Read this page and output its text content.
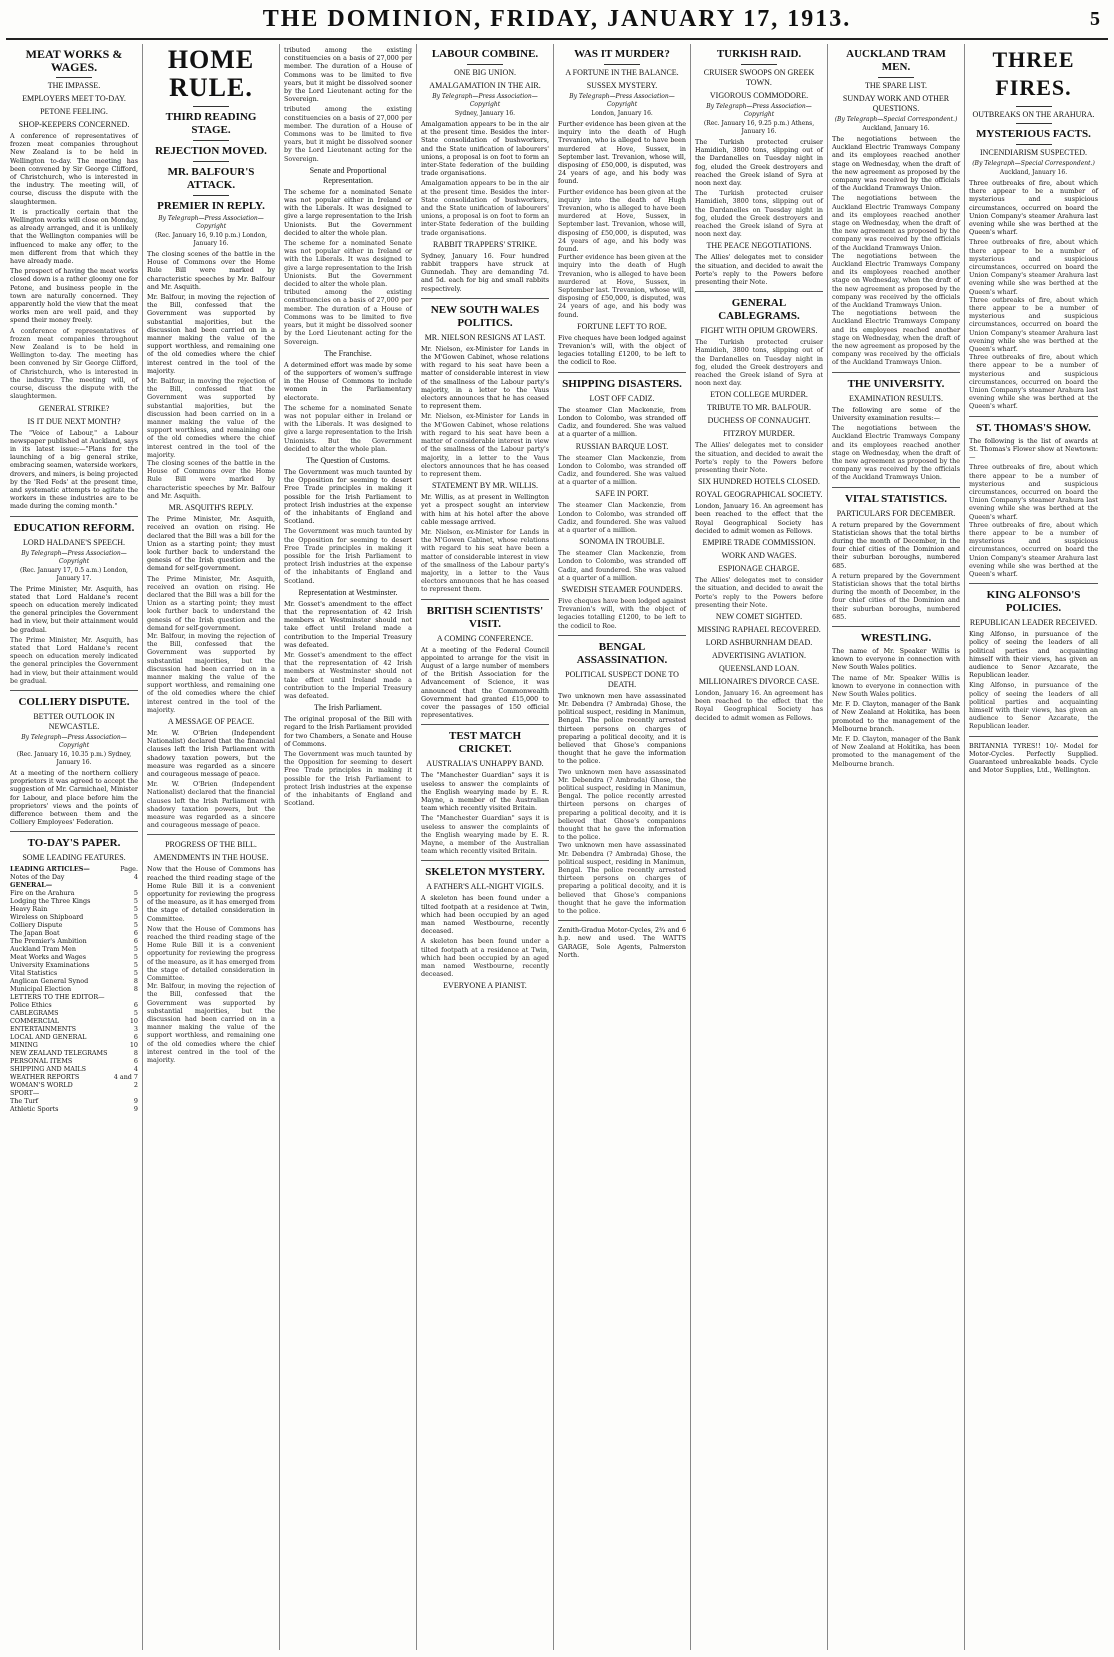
THE DOMINION, FRIDAY, JANUARY 17, 1913.	5
MEAT WORKS & WAGES.
THE IMPASSE.
EMPLOYERS MEET TO-DAY.
PETONE FEELING.
SHOP-KEEPERS CONCERNED.
A conference of representatives of frozen meat companies throughout New Zealand is to be held in Wellington to-day. The meeting has been convened by Sir George Clifford, of Christchurch, who is interested in the industry. The meeting will, of course, discuss the dispute with the slaughtermen.
It is practically certain that the Wellington works will close on Monday, as already arranged, and it is unlikely that the Wellington companies will be influenced to make any offer, to the men different from that which they have already made.
The prospect of having the meat works closed down is a rather gloomy one for Petone, and business people in the town are naturally concerned. They apparently hold the view that the meat works men are well paid, and they spend their money freely.
A conference of representatives of frozen meat companies throughout New Zealand is to be held in Wellington to-day. The meeting has been convened by Sir George Clifford, of Christchurch, who is interested in the industry. The meeting will, of course, discuss the dispute with the slaughtermen.
GENERAL STRIKE?
IS IT DUE NEXT MONTH?
The "Voice of Labour," a Labour newspaper published at Auckland, says in its latest issue:—"Plans for the launching of a big general strike, embracing seamen, waterside workers, drovers, and miners, is being projected by the 'Red Feds' at the present time, and systematic attempts to agitate the workers in these industries are to be made during the coming month."
EDUCATION REFORM.
LORD HALDANE'S SPEECH.
By Telegraph—Press Association—Copyright
(Rec. January 17, 0.5 a.m.) London, January 17.
The Prime Minister, Mr. Asquith, has stated that Lord Haldane's recent speech on education merely indicated the general principles the Government had in view, but their attainment would be gradual.
The Prime Minister, Mr. Asquith, has stated that Lord Haldane's recent speech on education merely indicated the general principles the Government had in view, but their attainment would be gradual.
COLLIERY DISPUTE.
BETTER OUTLOOK IN NEWCASTLE.
By Telegraph—Press Association—Copyright
(Rec. January 16, 10.35 p.m.) Sydney, January 16.
At a meeting of the northern colliery proprietors it was agreed to accept the suggestion of Mr. Carmichael, Minister for Labour, and place before him the proprietors' views and the points of difference between them and the Colliery Employees' Federation.
TO-DAY'S PAPER.
SOME LEADING FEATURES.
LEADING ARTICLES—	Page.
Notes of the Day	4
GENERAL—
Fire on the Arahura	5
Lodging the Three Kings	5
Heavy Rain	5
Wireless on Shipboard	5
Colliery Dispute	5
The Japan Boat	6
The Premier's Ambition	6
Auckland Tram Men	5
Meat Works and Wages	5
University Examinations	5
Vital Statistics	5
Anglican General Synod	8
Municipal Election	8
LETTERS TO THE EDITOR—
Police Ethics	6
CABLEGRAMS	5
COMMERCIAL	10
ENTERTAINMENTS	3
LOCAL AND GENERAL	6
MINING	10
NEW ZEALAND TELEGRAMS	8
PERSONAL ITEMS	6
SHIPPING AND MAILS	4
WEATHER REPORTS	4 and 7
WOMAN'S WORLD	2
SPORT—
The Turf	9
Athletic Sports	9
HOME RULE.
THIRD READING STAGE.
REJECTION MOVED.
MR. BALFOUR'S ATTACK.
PREMIER IN REPLY.
By Telegraph—Press Association—Copyright
(Rec. January 16, 9.10 p.m.) London, January 16.
The closing scenes of the battle in the House of Commons over the Home Rule Bill were marked by characteristic speeches by Mr. Balfour and Mr. Asquith.
Mr. Balfour, in moving the rejection of the Bill, confessed that the Government was supported by substantial majorities, but the discussion had been carried on in a manner making the value of the support worthless, and remaining one of the old comedies where the chief interest centred in the tool of the majority.
Mr. Balfour, in moving the rejection of the Bill, confessed that the Government was supported by substantial majorities, but the discussion had been carried on in a manner making the value of the support worthless, and remaining one of the old comedies where the chief interest centred in the tool of the majority.
The closing scenes of the battle in the House of Commons over the Home Rule Bill were marked by characteristic speeches by Mr. Balfour and Mr. Asquith.
MR. ASQUITH'S REPLY.
The Prime Minister, Mr. Asquith, received an ovation on rising. He declared that the Bill was a bill for the Union as a starting point; they must look further back to understand the genesis of the Irish question and the demand for self-government.
The Prime Minister, Mr. Asquith, received an ovation on rising. He declared that the Bill was a bill for the Union as a starting point; they must look further back to understand the genesis of the Irish question and the demand for self-government.
Mr. Balfour, in moving the rejection of the Bill, confessed that the Government was supported by substantial majorities, but the discussion had been carried on in a manner making the value of the support worthless, and remaining one of the old comedies where the chief interest centred in the tool of the majority.
A MESSAGE OF PEACE.
Mr. W. O'Brien (Independent Nationalist) declared that the financial clauses left the Irish Parliament with shadowy taxation powers, but the measure was regarded as a sincere and courageous message of peace.
Mr. W. O'Brien (Independent Nationalist) declared that the financial clauses left the Irish Parliament with shadowy taxation powers, but the measure was regarded as a sincere and courageous message of peace.
PROGRESS OF THE BILL.
AMENDMENTS IN THE HOUSE.
Now that the House of Commons has reached the third reading stage of the Home Rule Bill it is a convenient opportunity for reviewing the progress of the measure, as it has emerged from the stage of detailed consideration in Committee.
Now that the House of Commons has reached the third reading stage of the Home Rule Bill it is a convenient opportunity for reviewing the progress of the measure, as it has emerged from the stage of detailed consideration in Committee.
Mr. Balfour, in moving the rejection of the Bill, confessed that the Government was supported by substantial majorities, but the discussion had been carried on in a manner making the value of the support worthless, and remaining one of the old comedies where the chief interest centred in the tool of the majority.
tributed among the existing constituencies on a basis of 27,000 per member. The duration of a House of Commons was to be limited to five years, but it might be dissolved sooner by the Lord Lieutenant acting for the Sovereign.
tributed among the existing constituencies on a basis of 27,000 per member. The duration of a House of Commons was to be limited to five years, but it might be dissolved sooner by the Lord Lieutenant acting for the Sovereign.
Senate and Proportional Representation.
The scheme for a nominated Senate was not popular either in Ireland or with the Liberals. It was designed to give a large representation to the Irish Unionists. But the Government decided to alter the whole plan.
The scheme for a nominated Senate was not popular either in Ireland or with the Liberals. It was designed to give a large representation to the Irish Unionists. But the Government decided to alter the whole plan.
tributed among the existing constituencies on a basis of 27,000 per member. The duration of a House of Commons was to be limited to five years, but it might be dissolved sooner by the Lord Lieutenant acting for the Sovereign.
The Franchise.
A determined effort was made by some of the supporters of women's suffrage in the House of Commons to include women in the Parliamentary electorate.
The scheme for a nominated Senate was not popular either in Ireland or with the Liberals. It was designed to give a large representation to the Irish Unionists. But the Government decided to alter the whole plan.
The Question of Customs.
The Government was much taunted by the Opposition for seeming to desert Free Trade principles in making it possible for the Irish Parliament to protect Irish industries at the expense of the inhabitants of England and Scotland.
The Government was much taunted by the Opposition for seeming to desert Free Trade principles in making it possible for the Irish Parliament to protect Irish industries at the expense of the inhabitants of England and Scotland.
Representation at Westminster.
Mr. Gosset's amendment to the effect that the representation of 42 Irish members at Westminster should not take effect until Ireland made a contribution to the Imperial Treasury was defeated.
Mr. Gosset's amendment to the effect that the representation of 42 Irish members at Westminster should not take effect until Ireland made a contribution to the Imperial Treasury was defeated.
The Irish Parliament.
The original proposal of the Bill with regard to the Irish Parliament provided for two Chambers, a Senate and House of Commons.
The Government was much taunted by the Opposition for seeming to desert Free Trade principles in making it possible for the Irish Parliament to protect Irish industries at the expense of the inhabitants of England and Scotland.
LABOUR COMBINE.
ONE BIG UNION.
AMALGAMATION IN THE AIR.
By Telegraph—Press Association—Copyright
Sydney, January 16.
Amalgamation appears to be in the air at the present time. Besides the inter-State consolidation of bushworkers, and the State unification of labourers' unions, a proposal is on foot to form an inter-State federation of the building trade organisations.
Amalgamation appears to be in the air at the present time. Besides the inter-State consolidation of bushworkers, and the State unification of labourers' unions, a proposal is on foot to form an inter-State federation of the building trade organisations.
RABBIT TRAPPERS' STRIKE.
Sydney, January 16. Four hundred rabbit trappers have struck at Gunnedah. They are demanding 7d. and 5d. each for big and small rabbits respectively.
NEW SOUTH WALES POLITICS.
MR. NIELSON RESIGNS AT LAST.
Mr. Nielson, ex-Minister for Lands in the M'Gowen Cabinet, whose relations with regard to his seat have been a matter of considerable interest in view of the smallness of the Labour party's majority, in a letter to the Vaus electors announces that he has ceased to represent them.
Mr. Nielson, ex-Minister for Lands in the M'Gowen Cabinet, whose relations with regard to his seat have been a matter of considerable interest in view of the smallness of the Labour party's majority, in a letter to the Vaus electors announces that he has ceased to represent them.
STATEMENT BY MR. WILLIS.
Mr. Willis, as at present in Wellington yet a prospect sought an interview with him at his hotel after the above cable message arrived.
Mr. Nielson, ex-Minister for Lands in the M'Gowen Cabinet, whose relations with regard to his seat have been a matter of considerable interest in view of the smallness of the Labour party's majority, in a letter to the Vaus electors announces that he has ceased to represent them.
BRITISH SCIENTISTS' VISIT.
A COMING CONFERENCE.
At a meeting of the Federal Council appointed to arrange for the visit in August of a large number of members of the British Association for the Advancement of Science, it was announced that the Commonwealth Government had granted £15,000 to cover the passages of 150 official representatives.
TEST MATCH CRICKET.
AUSTRALIA'S UNHAPPY BAND.
The "Manchester Guardian" says it is useless to answer the complaints of the English wearying made by E. R. Mayne, a member of the Australian team which recently visited Britain.
The "Manchester Guardian" says it is useless to answer the complaints of the English wearying made by E. R. Mayne, a member of the Australian team which recently visited Britain.
SKELETON MYSTERY.
A FATHER'S ALL-NIGHT VIGILS.
A skeleton has been found under a tilted footpath at a residence at Twin, which had been occupied by an aged man named Westbourne, recently deceased.
A skeleton has been found under a tilted footpath at a residence at Twin, which had been occupied by an aged man named Westbourne, recently deceased.
EVERYONE A PIANIST.
WAS IT MURDER?
A FORTUNE IN THE BALANCE.
SUSSEX MYSTERY.
By Telegraph—Press Association—Copyright
London, January 16.
Further evidence has been given at the inquiry into the death of Hugh Trevanion, who is alleged to have been murdered at Hove, Sussex, in September last. Trevanion, whose will, disposing of £50,000, is disputed, was 24 years of age, and his body was found.
Further evidence has been given at the inquiry into the death of Hugh Trevanion, who is alleged to have been murdered at Hove, Sussex, in September last. Trevanion, whose will, disposing of £50,000, is disputed, was 24 years of age, and his body was found.
Further evidence has been given at the inquiry into the death of Hugh Trevanion, who is alleged to have been murdered at Hove, Sussex, in September last. Trevanion, whose will, disposing of £50,000, is disputed, was 24 years of age, and his body was found.
FORTUNE LEFT TO ROE.
Five cheques have been lodged against Trevanion's will, with the object of legacies totalling £1200, to be left to the codicil to Roe.
SHIPPING DISASTERS.
LOST OFF CADIZ.
The steamer Clan Mackenzie, from London to Colombo, was stranded off Cadiz, and foundered. She was valued at a quarter of a million.
RUSSIAN BARQUE LOST.
The steamer Clan Mackenzie, from London to Colombo, was stranded off Cadiz, and foundered. She was valued at a quarter of a million.
SAFE IN PORT.
The steamer Clan Mackenzie, from London to Colombo, was stranded off Cadiz, and foundered. She was valued at a quarter of a million.
SONOMA IN TROUBLE.
The steamer Clan Mackenzie, from London to Colombo, was stranded off Cadiz, and foundered. She was valued at a quarter of a million.
SWEDISH STEAMER FOUNDERS.
Five cheques have been lodged against Trevanion's will, with the object of legacies totalling £1200, to be left to the codicil to Roe.
BENGAL ASSASSINATION.
POLITICAL SUSPECT DONE TO DEATH.
Two unknown men have assassinated Mr. Debendra (? Ambrada) Ghose, the political suspect, residing in Manimun, Bengal. The police recently arrested thirteen persons on charges of preparing a political decoity, and it is believed that Ghose's companions thought that he gave the information to the police.
Two unknown men have assassinated Mr. Debendra (? Ambrada) Ghose, the political suspect, residing in Manimun, Bengal. The police recently arrested thirteen persons on charges of preparing a political decoity, and it is believed that Ghose's companions thought that he gave the information to the police.
Two unknown men have assassinated Mr. Debendra (? Ambrada) Ghose, the political suspect, residing in Manimun, Bengal. The police recently arrested thirteen persons on charges of preparing a political decoity, and it is believed that Ghose's companions thought that he gave the information to the police.
Zenith-Gradua Motor-Cycles, 2¾ and 6 h.p. new and used. The WATTS GARAGE, Sole Agents, Palmerston North.
TURKISH RAID.
CRUISER SWOOPS ON GREEK TOWN.
VIGOROUS COMMODORE.
By Telegraph—Press Association—Copyright
(Rec. January 16, 9.25 p.m.) Athens, January 16.
The Turkish protected cruiser Hamidieh, 3800 tons, slipping out of the Dardanelles on Tuesday night in fog, eluded the Greek destroyers and reached the Greek island of Syra at noon next day.
The Turkish protected cruiser Hamidieh, 3800 tons, slipping out of the Dardanelles on Tuesday night in fog, eluded the Greek destroyers and reached the Greek island of Syra at noon next day.
THE PEACE NEGOTIATIONS.
The Allies' delegates met to consider the situation, and decided to await the Porte's reply to the Powers before presenting their Note.
GENERAL CABLEGRAMS.
FIGHT WITH OPIUM GROWERS.
The Turkish protected cruiser Hamidieh, 3800 tons, slipping out of the Dardanelles on Tuesday night in fog, eluded the Greek destroyers and reached the Greek island of Syra at noon next day.
ETON COLLEGE MURDER.
TRIBUTE TO MR. BALFOUR.
DUCHESS OF CONNAUGHT.
FITZROY MURDER.
The Allies' delegates met to consider the situation, and decided to await the Porte's reply to the Powers before presenting their Note.
SIX HUNDRED HOTELS CLOSED.
ROYAL GEOGRAPHICAL SOCIETY.
London, January 16. An agreement has been reached to the effect that the Royal Geographical Society has decided to admit women as Fellows.
EMPIRE TRADE COMMISSION.
WORK AND WAGES.
ESPIONAGE CHARGE.
The Allies' delegates met to consider the situation, and decided to await the Porte's reply to the Powers before presenting their Note.
NEW COMET SIGHTED.
MISSING RAPHAEL RECOVERED.
LORD ASHBURNHAM DEAD.
ADVERTISING AVIATION.
QUEENSLAND LOAN.
MILLIONAIRE'S DIVORCE CASE.
London, January 16. An agreement has been reached to the effect that the Royal Geographical Society has decided to admit women as Fellows.
AUCKLAND TRAM MEN.
THE SPARE LIST.
SUNDAY WORK AND OTHER QUESTIONS.
(By Telegraph—Special Correspondent.)
Auckland, January 16.
The negotiations between the Auckland Electric Tramways Company and its employees reached another stage on Wednesday, when the draft of the new agreement as proposed by the company was received by the officials of the Auckland Tramways Union.
The negotiations between the Auckland Electric Tramways Company and its employees reached another stage on Wednesday, when the draft of the new agreement as proposed by the company was received by the officials of the Auckland Tramways Union.
The negotiations between the Auckland Electric Tramways Company and its employees reached another stage on Wednesday, when the draft of the new agreement as proposed by the company was received by the officials of the Auckland Tramways Union.
The negotiations between the Auckland Electric Tramways Company and its employees reached another stage on Wednesday, when the draft of the new agreement as proposed by the company was received by the officials of the Auckland Tramways Union.
THE UNIVERSITY.
EXAMINATION RESULTS.
The following are some of the University examination results:—
The negotiations between the Auckland Electric Tramways Company and its employees reached another stage on Wednesday, when the draft of the new agreement as proposed by the company was received by the officials of the Auckland Tramways Union.
VITAL STATISTICS.
PARTICULARS FOR DECEMBER.
A return prepared by the Government Statistician shows that the total births during the month of December, in the four chief cities of the Dominion and their suburban boroughs, numbered 685.
A return prepared by the Government Statistician shows that the total births during the month of December, in the four chief cities of the Dominion and their suburban boroughs, numbered 685.
WRESTLING.
The name of Mr. Speaker Willis is known to everyone in connection with New South Wales politics.
The name of Mr. Speaker Willis is known to everyone in connection with New South Wales politics.
Mr. F. D. Clayton, manager of the Bank of New Zealand at Hokitika, has been promoted to the management of the Melbourne branch.
Mr. F. D. Clayton, manager of the Bank of New Zealand at Hokitika, has been promoted to the management of the Melbourne branch.
THREE FIRES.
OUTBREAKS ON THE ARAHURA.
MYSTERIOUS FACTS.
INCENDIARISM SUSPECTED.
(By Telegraph—Special Correspondent.)
Auckland, January 16.
Three outbreaks of fire, about which there appear to be a number of mysterious and suspicious circumstances, occurred on board the Union Company's steamer Arahura last evening while she was berthed at the Queen's wharf.
Three outbreaks of fire, about which there appear to be a number of mysterious and suspicious circumstances, occurred on board the Union Company's steamer Arahura last evening while she was berthed at the Queen's wharf.
Three outbreaks of fire, about which there appear to be a number of mysterious and suspicious circumstances, occurred on board the Union Company's steamer Arahura last evening while she was berthed at the Queen's wharf.
Three outbreaks of fire, about which there appear to be a number of mysterious and suspicious circumstances, occurred on board the Union Company's steamer Arahura last evening while she was berthed at the Queen's wharf.
ST. THOMAS'S SHOW.
The following is the list of awards at St. Thomas's Flower show at Newtown:—
Three outbreaks of fire, about which there appear to be a number of mysterious and suspicious circumstances, occurred on board the Union Company's steamer Arahura last evening while she was berthed at the Queen's wharf.
Three outbreaks of fire, about which there appear to be a number of mysterious and suspicious circumstances, occurred on board the Union Company's steamer Arahura last evening while she was berthed at the Queen's wharf.
KING ALFONSO'S POLICIES.
REPUBLICAN LEADER RECEIVED.
King Alfonso, in pursuance of the policy of seeing the leaders of all political parties and acquainting himself with their views, has given an audience to Senor Azcarate, the Republican leader.
King Alfonso, in pursuance of the policy of seeing the leaders of all political parties and acquainting himself with their views, has given an audience to Senor Azcarate, the Republican leader.
BRITANNIA TYRES!! 10/- Model for Motor-Cycles. Perfectly Supplied. Guaranteed unbreakable beads. Cycle and Motor Supplies, Ltd., Wellington.
